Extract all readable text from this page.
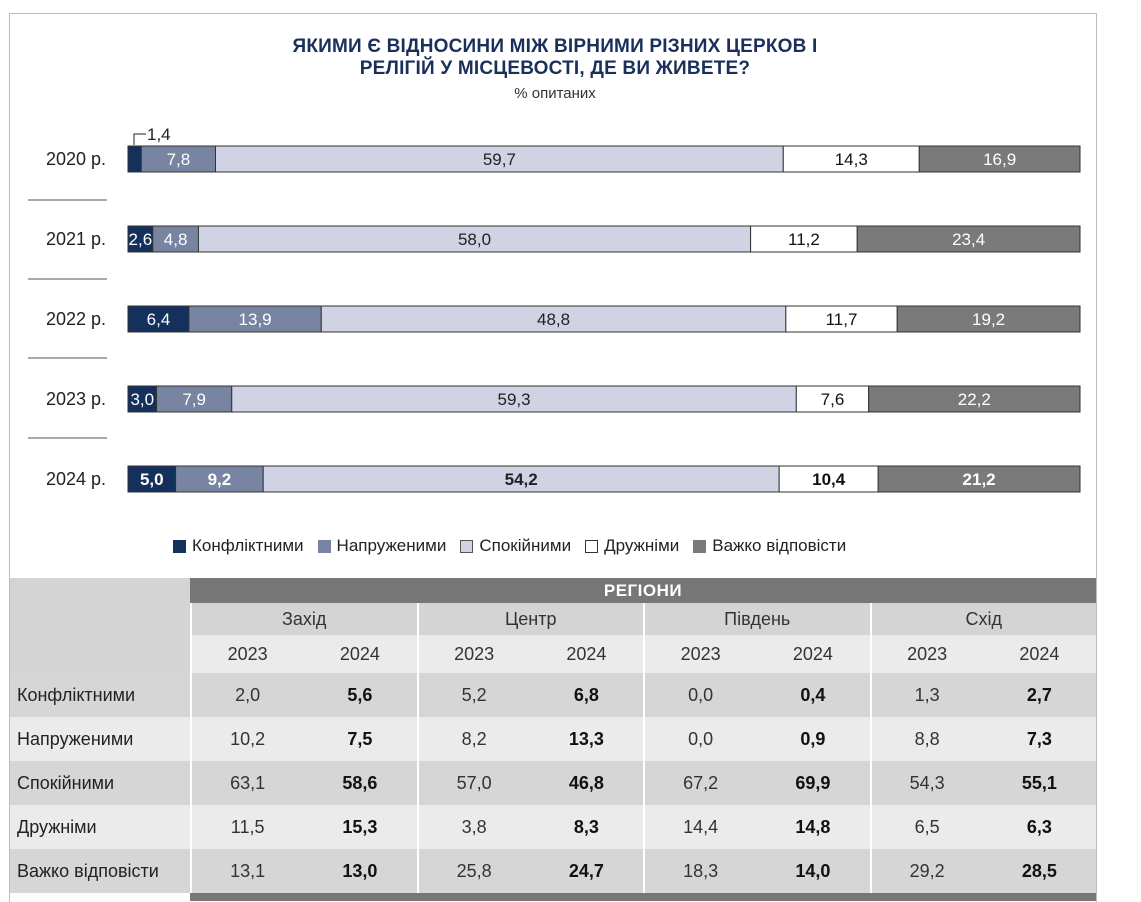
ЯКИМИ Є ВІДНОСИНИ МІЖ ВІРНИМИ РІЗНИХ ЦЕРКОВ І
РЕЛІГІЙ У МІСЦЕВОСТІ, ДЕ ВИ ЖИВЕТЕ?
% опитаних
2020 р.
1,4
7,8	59,7	14,3	16,9
2021 р. 2,6 4,8	58,0	11,2	23,4
2022 р. 6,4	13,9	48,8	11,7	19,2
2023 р. 3,0 7,9	59,3	7,6	22,2
2024 р. 5,0	9,2	54,2	10,4	21,2
Конфліктними Напруженими Спокійними Дружніми Важко відповісти
	РЕГІОНИ							
	Захід		Центр		Південь		Схід	
	2023	2024	2023	2024	2023	2024	2023	2024
Конфліктними	2,0	5,6	5,2	6,8	0,0	0,4	1,3	2,7
Напруженими	10,2	7,5	8,2	13,3	0,0	0,9	8,8	7,3
Спокійними	63,1	58,6	57,0	46,8	67,2	69,9	54,3	55,1
Дружніми	11,5	15,3	3,8	8,3	14,4	14,8	6,5	6,3
Важко відповісти	13,1	13,0	25,8	24,7	18,3	14,0	29,2	28,5
